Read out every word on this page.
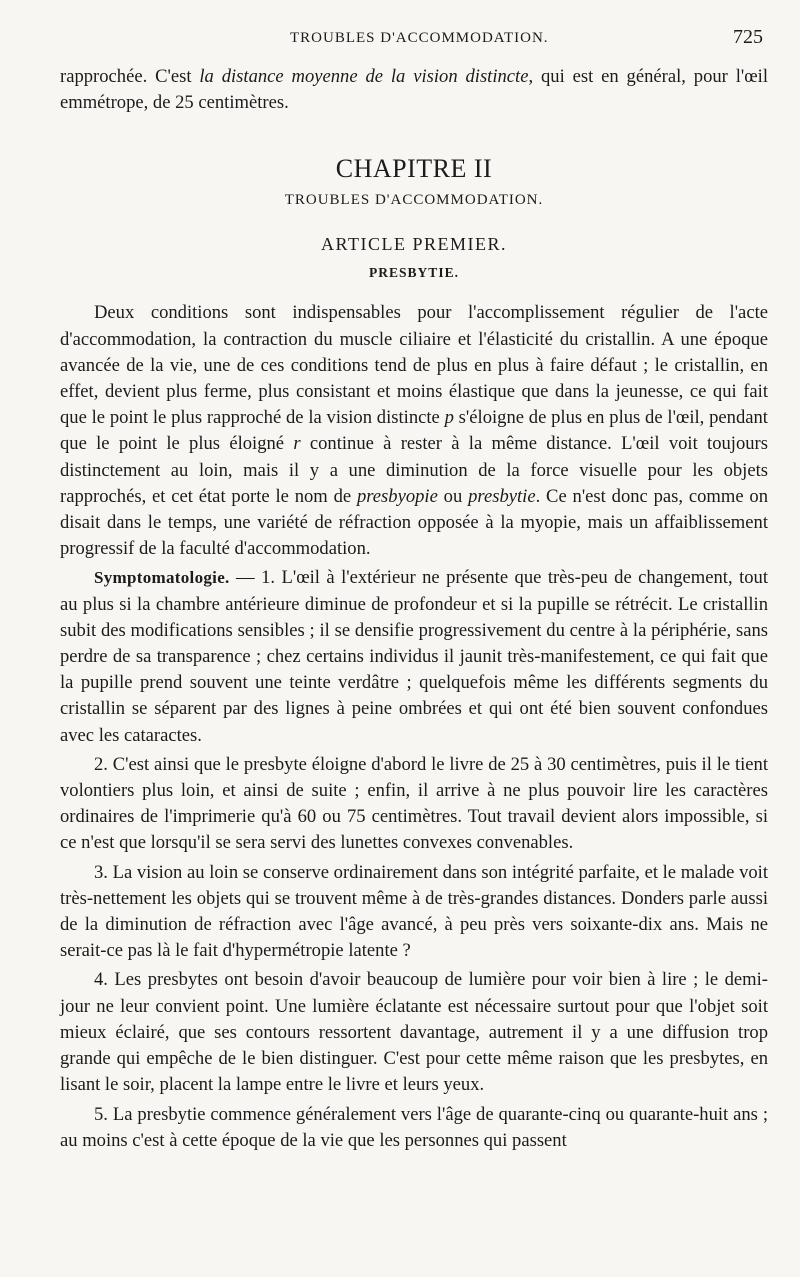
TROUBLES D'ACCOMMODATION.	725

rapprochée. C'est la distance moyenne de la vision distincte, qui est en général, pour l'œil emmétrope, de 25 centimètres.

CHAPITRE II
TROUBLES D'ACCOMMODATION.
ARTICLE PREMIER.
PRESBYTIE.

Deux conditions sont indispensables pour l'accomplissement régulier de l'acte d'accommodation, la contraction du muscle ciliaire et l'élasticité du cristallin. A une époque avancée de la vie, une de ces conditions tend de plus en plus à faire défaut ; le cristallin, en effet, devient plus ferme, plus consistant et moins élastique que dans la jeunesse, ce qui fait que le point le plus rapproché de la vision distincte p s'éloigne de plus en plus de l'œil, pendant que le point le plus éloigné r continue à rester à la même distance. L'œil voit toujours distinctement au loin, mais il y a une diminution de la force visuelle pour les objets rapprochés, et cet état porte le nom de presbyopie ou presbytie. Ce n'est donc pas, comme on disait dans le temps, une variété de réfraction opposée à la myopie, mais un affaiblissement progressif de la faculté d'accommodation.

Symptomatologie. — 1. L'œil à l'extérieur ne présente que très-peu de changement, tout au plus si la chambre antérieure diminue de profondeur et si la pupille se rétrécit. Le cristallin subit des modifications sensibles ; il se densifie progressivement du centre à la périphérie, sans perdre de sa transparence ; chez certains individus il jaunit très-manifestement, ce qui fait que la pupille prend souvent une teinte verdâtre ; quelquefois même les différents segments du cristallin se séparent par des lignes à peine ombrées et qui ont été bien souvent confondues avec les cataractes.

2. C'est ainsi que le presbyte éloigne d'abord le livre de 25 à 30 centimètres, puis il le tient volontiers plus loin, et ainsi de suite ; enfin, il arrive à ne plus pouvoir lire les caractères ordinaires de l'imprimerie qu'à 60 ou 75 centimètres. Tout travail devient alors impossible, si ce n'est que lorsqu'il se sera servi des lunettes convexes convenables.

3. La vision au loin se conserve ordinairement dans son intégrité parfaite, et le malade voit très-nettement les objets qui se trouvent même à de très-grandes distances. Donders parle aussi de la diminution de réfraction avec l'âge avancé, à peu près vers soixante-dix ans. Mais ne serait-ce pas là le fait d'hypermétropie latente ?

4. Les presbytes ont besoin d'avoir beaucoup de lumière pour voir bien à lire ; le demi-jour ne leur convient point. Une lumière éclatante est nécessaire surtout pour que l'objet soit mieux éclairé, que ses contours ressortent davantage, autrement il y a une diffusion trop grande qui empêche de le bien distinguer. C'est pour cette même raison que les presbytes, en lisant le soir, placent la lampe entre le livre et leurs yeux.

5. La presbytie commence généralement vers l'âge de quarante-cinq ou quarante-huit ans ; au moins c'est à cette époque de la vie que les personnes qui passent
